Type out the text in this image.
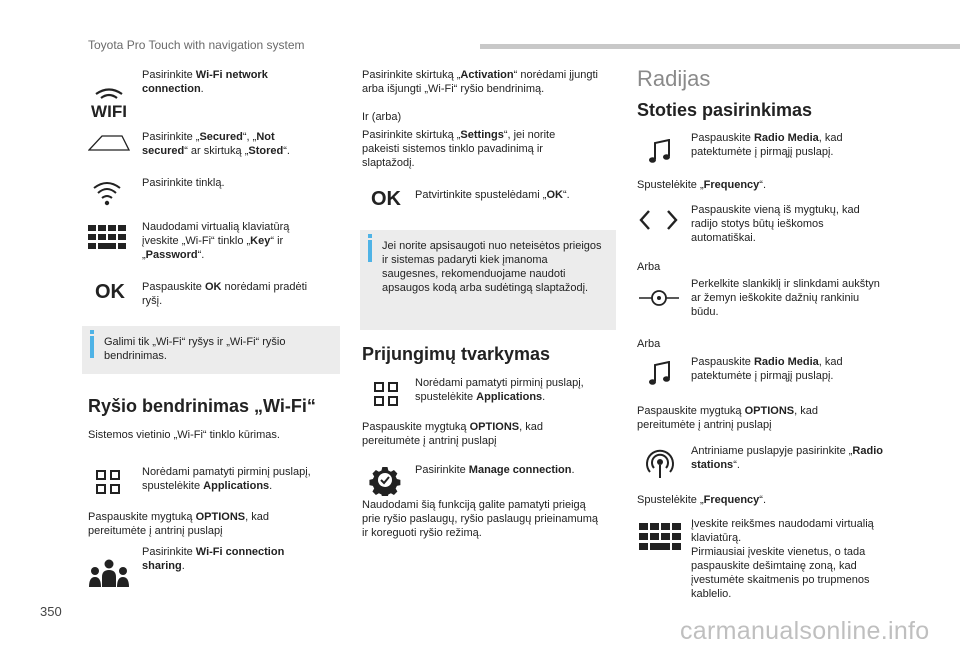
Toyota Pro Touch with navigation system
WIFI
Pasirinkite Wi-Fi network connection.
Pasirinkite „Secured“, „Not secured“ ar skirtuką „Stored“.
Pasirinkite tinklą.
Naudodami virtualią klaviatūrą įveskite „Wi-Fi“ tinklo „Key“ ir „Password“.
OK Paspauskite OK norėdami pradėti ryšį.
Galimi tik „Wi-Fi“ ryšys ir „Wi-Fi“ ryšio bendrinimas.
Ryšio bendrinimas „Wi-Fi“
Sistemos vietinio „Wi-Fi“ tinklo kūrimas.
Norėdami pamatyti pirminį puslapį, spustelėkite Applications.
Paspauskite mygtuką OPTIONS, kad pereitumėte į antrinį puslapį
Pasirinkite Wi-Fi connection sharing.
Pasirinkite skirtuką „Activation“ norėdami įjungti arba išjungti „Wi-Fi“ ryšio bendrinimą.
Ir (arba)
Pasirinkite skirtuką „Settings“, jei norite pakeisti sistemos tinklo pavadinimą ir slaptažodį.
OK Patvirtinkite spustelėdami „OK“.
Jei norite apsisaugoti nuo neteisėtos prieigos ir sistemas padaryti kiek įmanoma saugesnes, rekomenduojame naudoti apsaugos kodą arba sudėtingą slaptažodį.
Prijungimų tvarkymas
Norėdami pamatyti pirminį puslapį, spustelėkite Applications.
Paspauskite mygtuką OPTIONS, kad pereitumėte į antrinį puslapį
Pasirinkite Manage connection.
Naudodami šią funkciją galite pamatyti prieigą prie ryšio paslaugų, ryšio paslaugų prieinamumą ir koreguoti ryšio režimą.
Radijas
Stoties pasirinkimas
Paspauskite Radio Media, kad patektumėte į pirmąjį puslapį.
Spustelėkite „Frequency“.
Paspauskite vieną iš mygtukų, kad radijo stotys būtų ieškomos automatiškai.
Arba
Perkelkite slankiklį ir slinkdami aukštyn ar žemyn ieškokite dažnių rankiniu būdu.
Arba
Paspauskite Radio Media, kad patektumėte į pirmąjį puslapį.
Paspauskite mygtuką OPTIONS, kad pereitumėte į antrinį puslapį
Antriniame puslapyje pasirinkite „Radio stations“.
Spustelėkite „Frequency“.
Įveskite reikšmes naudodami virtualią klaviatūrą.
Pirmiausiai įveskite vienetus, o tada paspauskite dešimtainę zoną, kad įvestumėte skaitmenis po trupmenos kablelio.
350
carmanualsonline.info
